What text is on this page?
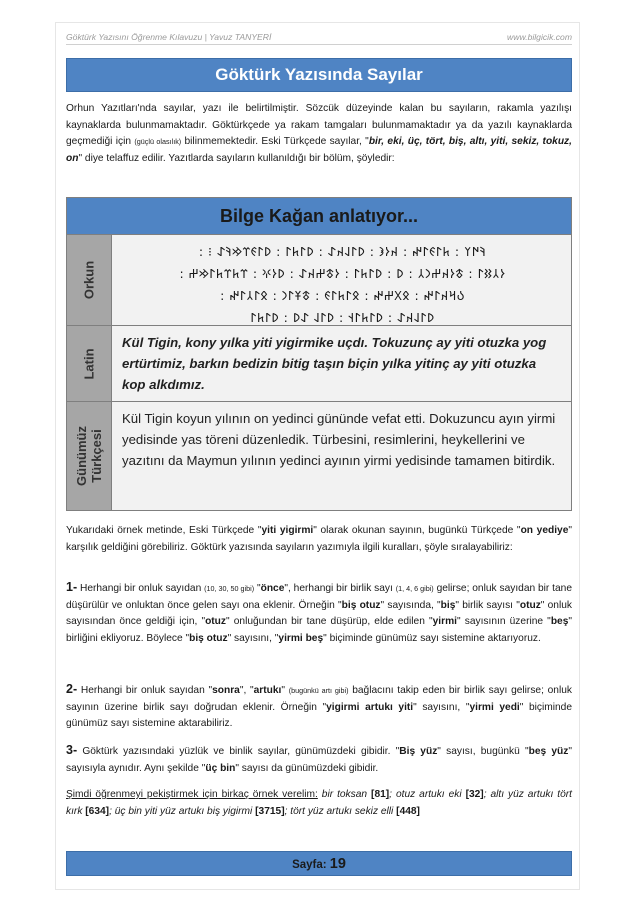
Göktürk Yazısını Öğrenme Kılavuzu | Yavuz TANYERİ	www.bilgicik.com
Göktürk Yazısında Sayılar
Orhun Yazıtları'nda sayılar, yazı ile belirtilmiştir. Sözcük düzeyinde kalan bu sayıların, rakamla yazılışı kaynaklarda bulunmamaktadır. Göktürkçede ya rakam tamgaları bulunmamaktadır ya da yazılı kaynaklarda geçmediği için (güçlü olasılık) bilinmemektedir. Eski Türkçede sayılar, "bir, eki, üç, tört, biş, altı, yiti, sekiz, tokuz, on" diye telaffuz edilir. Yazıtlarda sayıların kullanıldığı bir bölüm, şöyledir:
Bilge Kağan anlatıyor...
Orkun
: ⁝ 𐰚𐰇𐰠 : 𐱅𐰃𐰏𐰃𐰤 : 𐰴𐰆𐰪 : 𐰖𐰃𐰞𐰴𐰀 : 𐰖𐰃𐱅𐰃 : 𐰖𐰃𐰏𐰼𐰢𐰚𐰀
: 𐰆𐰲𐰑𐰃 : 𐱃𐰆𐰴𐰔𐰣𐰲 : 𐰖 : 𐰖𐰃𐱅𐰃 : 𐰆𐱃𐰔𐰴𐰀 : 𐰖𐰆𐰍 : 𐰼𐱅𐰼𐱅𐰃𐰢𐰔
: 𐰉𐰺𐰴𐰃𐰤 : 𐰋𐰓𐰔𐰤 : 𐰋𐰃𐱅𐰃𐰏 : 𐱃𐱁𐰃𐰣 : 𐰋𐰃𐰲𐰃𐰤
𐰖𐰃𐰞𐰴𐰀 : 𐰖𐰃𐱅𐰃𐰭 : 𐰖𐰃𐰞 𐰀𐰖 : 𐰖𐰃𐱅𐰃
Latin
Kül Tigin, kony yılka yiti yigirmike uçdı. Tokuzunç ay yiti otuzka yog ertürtimiz, barkın bedizin bitig taşın biçin yılka yitinç ay yiti otuzka kop alkdımız.
Günümüz Türkçesi
Kül Tigin koyun yılının on yedinci gününde vefat etti. Dokuzuncu ayın yirmi yedisinde yas töreni düzenledik. Türbesini, resimlerini, heykellerini ve yazıtını da Maymun yılının yedinci ayının yirmi yedisinde tamamen bitirdik.
Yukarıdaki örnek metinde, Eski Türkçede "yiti yigirmi" olarak okunan sayının, bugünkü Türkçede "on yediye" karşılık geldiğini görebiliriz. Göktürk yazısında sayıların yazımıyla ilgili kuralları, şöyle sıralayabiliriz:
1- Herhangi bir onluk sayıdan (10, 30, 50 gibi) "önce", herhangi bir birlik sayı (1, 4, 6 gibi) gelirse; onluk sayıdan bir tane düşürülür ve onluktan önce gelen sayı ona eklenir. Örneğin "biş otuz" sayısında, "biş" birlik sayısı "otuz" onluk sayısından önce geldiği için, "otuz" onluğundan bir tane düşürüp, elde edilen "yirmi" sayısının üzerine "beş" birliğini ekliyoruz. Böylece "biş otuz" sayısını, "yirmi beş" biçiminde günümüz sayı sistemine aktarıyoruz.
2- Herhangi bir onluk sayıdan "sonra", "artukı" (bugünkü artı gibi) bağlacını takip eden bir birlik sayı gelirse; onluk sayının üzerine birlik sayı doğrudan eklenir. Örneğin "yigirmi artukı yiti" sayısını, "yirmi yedi" biçiminde günümüz sayı sistemine aktarabiliriz.
3- Göktürk yazısındaki yüzlük ve binlik sayılar, günümüzdeki gibidir. "Biş yüz" sayısı, bugünkü "beş yüz" sayısıyla aynıdır. Aynı şekilde "üç bin" sayısı da günümüzdeki gibidir.
Şimdi öğrenmeyi pekiştirmek için birkaç örnek verelim: bir toksan [81]; otuz artukı eki [32]; altı yüz artukı tört kırk [634]; üç bin yiti yüz artukı biş yigirmi [3715]; tört yüz artukı sekiz elli [448]
Sayfa: 19
